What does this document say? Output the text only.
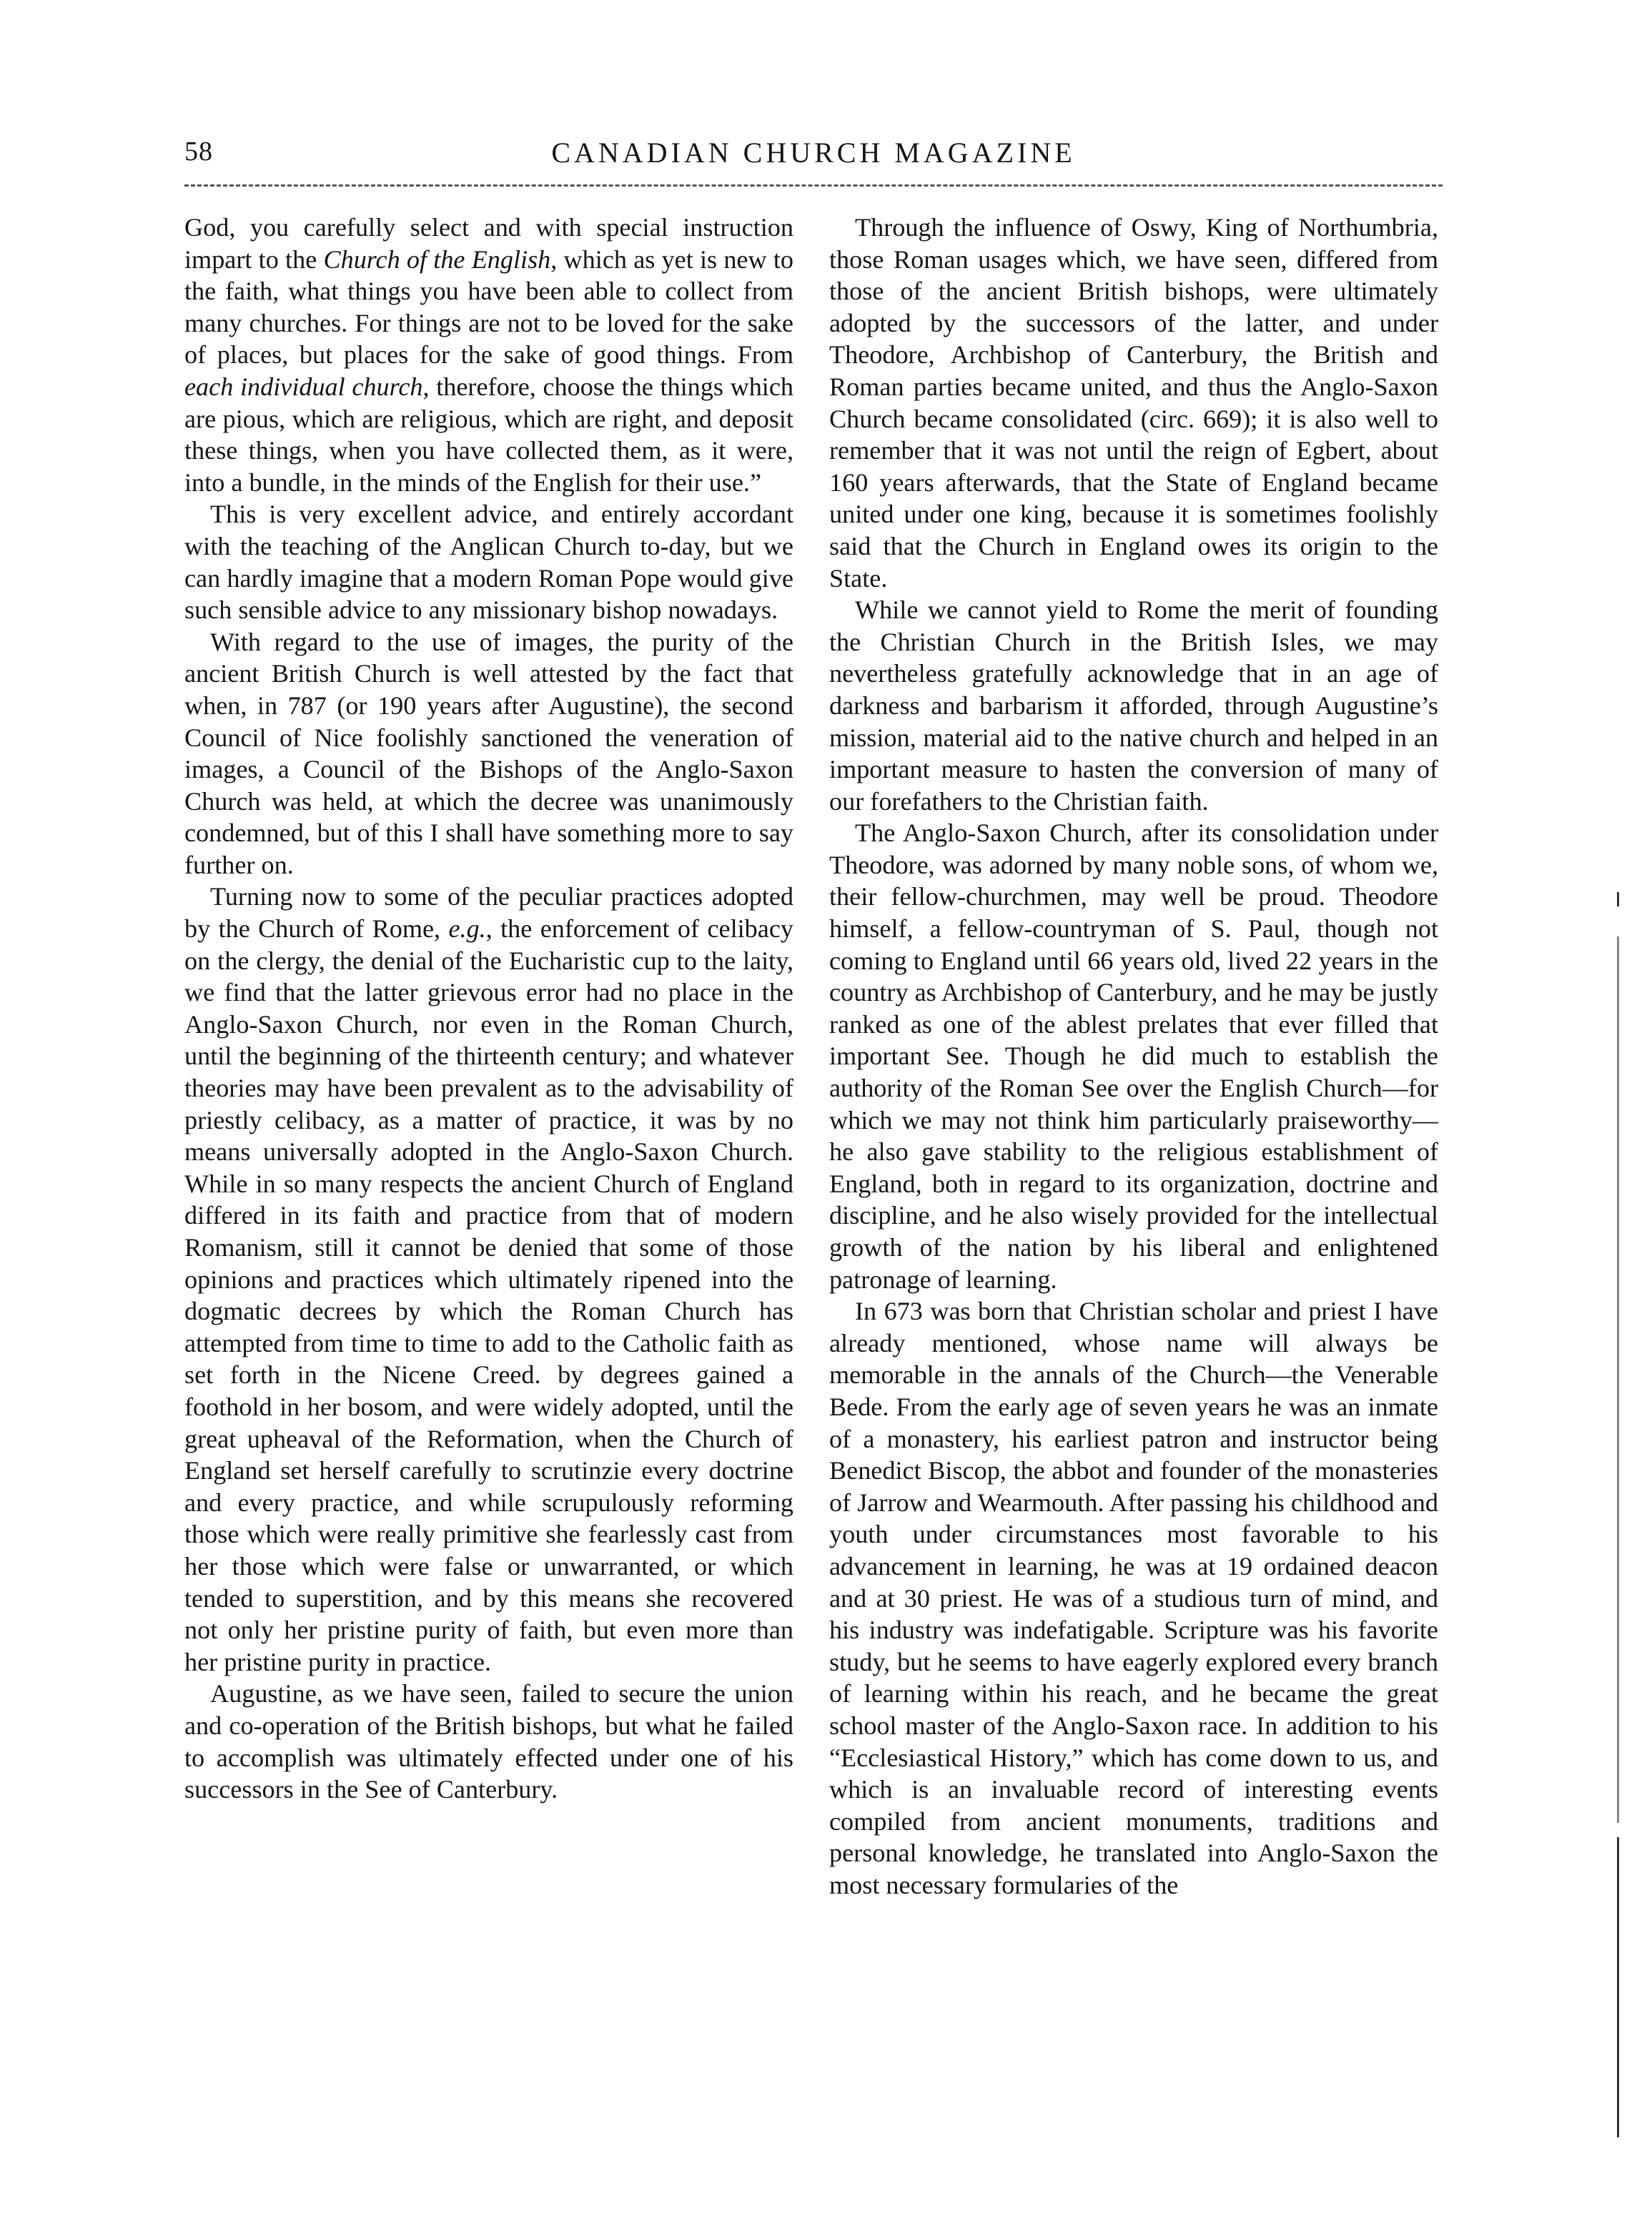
58	CANADIAN CHURCH MAGAZINE

God, you carefully select and with special instruction impart to the Church of the English, which as yet is new to the faith, what things you have been able to collect from many churches. For things are not to be loved for the sake of places, but places for the sake of good things. From each individual church, therefore, choose the things which are pious, which are religious, which are right, and deposit these things, when you have collected them, as it were, into a bundle, in the minds of the English for their use.”

This is very excellent advice, and entirely accordant with the teaching of the Anglican Church to-day, but we can hardly imagine that a modern Roman Pope would give such sensible advice to any missionary bishop nowadays.

With regard to the use of images, the purity of the ancient British Church is well attested by the fact that when, in 787 (or 190 years after Augustine), the second Council of Nice foolishly sanctioned the veneration of images, a Council of the Bishops of the Anglo-Saxon Church was held, at which the decree was unanimously condemned, but of this I shall have something more to say further on.

Turning now to some of the peculiar practices adopted by the Church of Rome, e.g., the enforcement of celibacy on the clergy, the denial of the Eucharistic cup to the laity, we find that the latter grievous error had no place in the Anglo-Saxon Church, nor even in the Roman Church, until the beginning of the thirteenth century; and whatever theories may have been prevalent as to the advisability of priestly celibacy, as a matter of practice, it was by no means universally adopted in the Anglo-Saxon Church. While in so many respects the ancient Church of England differed in its faith and practice from that of modern Romanism, still it cannot be denied that some of those opinions and practices which ultimately ripened into the dogmatic decrees by which the Roman Church has attempted from time to time to add to the Catholic faith as set forth in the Nicene Creed. by degrees gained a foothold in her bosom, and were widely adopted, until the great upheaval of the Reformation, when the Church of England set herself carefully to scrutinzie every doctrine and every practice, and while scrupulously reforming those which were really primitive she fearlessly cast from her those which were false or unwarranted, or which tended to superstition, and by this means she recovered not only her pristine purity of faith, but even more than her pristine purity in practice.

Augustine, as we have seen, failed to secure the union and co-operation of the British bishops, but what he failed to accomplish was ultimately effected under one of his successors in the See of Canterbury.

Through the influence of Oswy, King of Northumbria, those Roman usages which, we have seen, differed from those of the ancient British bishops, were ultimately adopted by the successors of the latter, and under Theodore, Archbishop of Canterbury, the British and Roman parties became united, and thus the Anglo-Saxon Church became consolidated (circ. 669); it is also well to remember that it was not until the reign of Egbert, about 160 years afterwards, that the State of England became united under one king, because it is sometimes foolishly said that the Church in England owes its origin to the State.

While we cannot yield to Rome the merit of founding the Christian Church in the British Isles, we may nevertheless gratefully acknowledge that in an age of darkness and barbarism it afforded, through Augustine’s mission, material aid to the native church and helped in an important measure to hasten the conversion of many of our forefathers to the Christian faith.

The Anglo-Saxon Church, after its consolidation under Theodore, was adorned by many noble sons, of whom we, their fellow-churchmen, may well be proud. Theodore himself, a fellow-countryman of S. Paul, though not coming to England until 66 years old, lived 22 years in the country as Archbishop of Canterbury, and he may be justly ranked as one of the ablest prelates that ever filled that important See. Though he did much to establish the authority of the Roman See over the English Church—for which we may not think him particularly praiseworthy—he also gave stability to the religious establishment of England, both in regard to its organization, doctrine and discipline, and he also wisely provided for the intellectual growth of the nation by his liberal and enlightened patronage of learning.

In 673 was born that Christian scholar and priest I have already mentioned, whose name will always be memorable in the annals of the Church—the Venerable Bede. From the early age of seven years he was an inmate of a monastery, his earliest patron and instructor being Benedict Biscop, the abbot and founder of the monasteries of Jarrow and Wearmouth. After passing his childhood and youth under circumstances most favorable to his advancement in learning, he was at 19 ordained deacon and at 30 priest. He was of a studious turn of mind, and his industry was indefatigable. Scripture was his favorite study, but he seems to have eagerly explored every branch of learning within his reach, and he became the great school master of the Anglo-Saxon race. In addition to his “Ecclesiastical History,” which has come down to us, and which is an invaluable record of interesting events compiled from ancient monuments, traditions and personal knowledge, he translated into Anglo-Saxon the most necessary formularies of the
